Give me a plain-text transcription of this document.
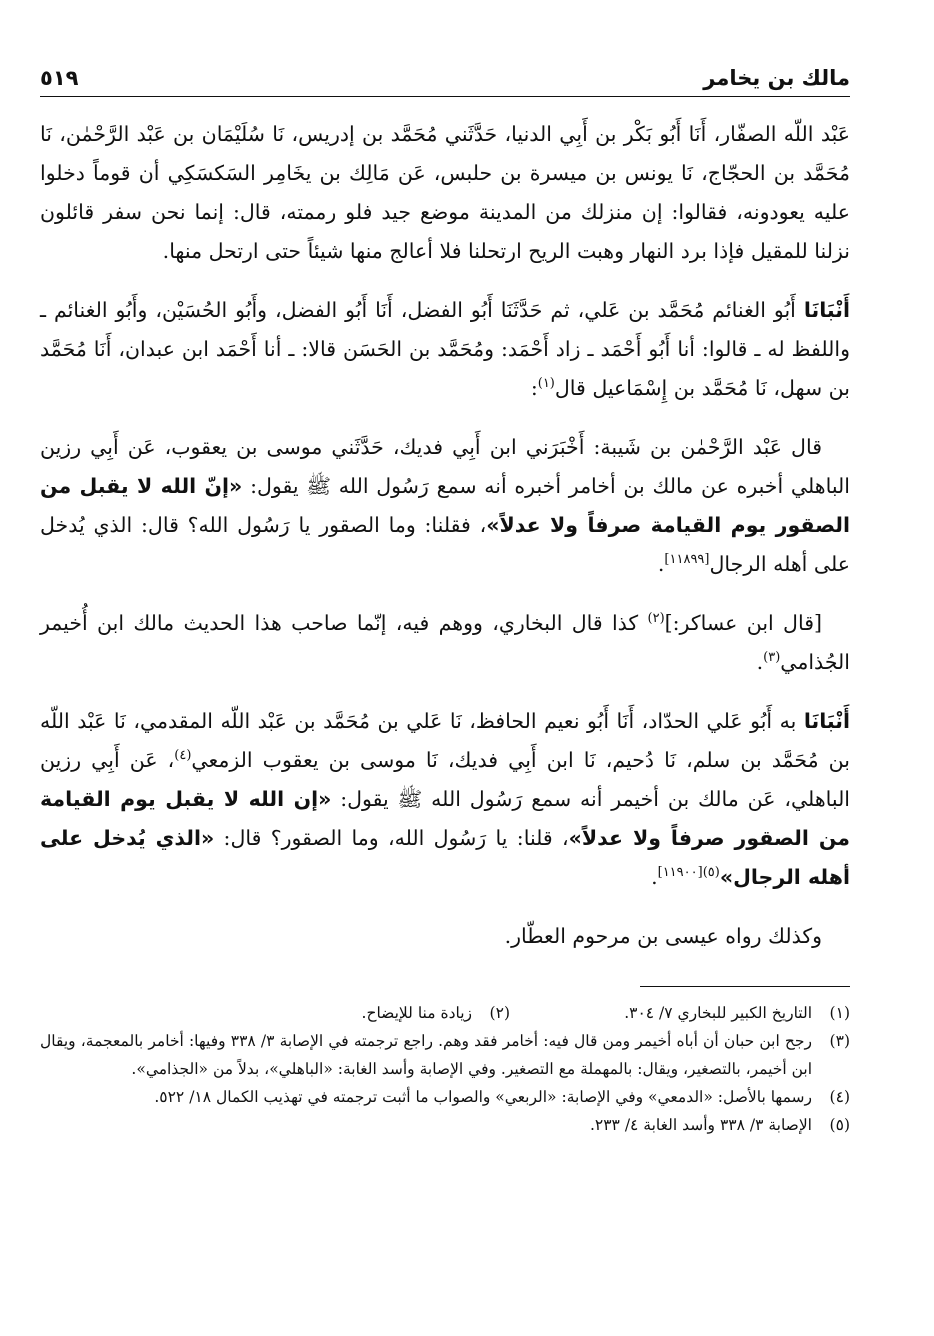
مالك بن يخامر
٥١٩

عَبْد اللّه الصفّار، أَنَا أَبُو بَكْر بن أَبِي الدنيا، حَدَّثَني مُحَمَّد بن إدريس، نَا سُلَيْمَان بن عَبْد الرَّحْمٰن، نَا مُحَمَّد بن الحجّاج، نَا يونس بن ميسرة بن حلبس، عَن مَالِك بن يخَامِر السَكسَكِي أن قوماً دخلوا عليه يعودونه، فقالوا: إن منزلك من المدينة موضع جيد فلو رممته، قال: إنما نحن سفر قائلون نزلنا للمقيل فإذا برد النهار وهبت الريح ارتحلنا فلا أعالج منها شيئاً حتى ارتحل منها.

أَنْبَانَا أَبُو الغنائم مُحَمَّد بن عَلي، ثم حَدَّثَنَا أَبُو الفضل، أَنَا أَبُو الفضل، وأَبُو الحُسَيْن، وأَبُو الغنائم ـ واللفظ له ـ قالوا: أنا أَبُو أَحْمَد ـ زاد أَحْمَد: ومُحَمَّد بن الحَسَن قالا: ـ أنا أَحْمَد ابن عبدان، أَنَا مُحَمَّد بن سهل، نَا مُحَمَّد بن إِسْمَاعيل قال$^{(١)}$:

قال عَبْد الرَّحْمٰن بن شَيبة: أَخْبَرَني ابن أَبِي فديك، حَدَّثَني موسى بن يعقوب، عَن أَبِي رزين الباهلي أخبره عن مالك بن أخامر أخبره أنه سمع رَسُول الله ﷺ يقول: «إنّ الله لا يقبل من الصقور يوم القيامة صرفاً ولا عدلاً»، فقلنا: وما الصقور يا رَسُول الله؟ قال: الذي يُدخل على أهله الرجال[١١٨٩٩].

[قال ابن عساكر:]$^{(٢)}$ كذا قال البخاري، ووهم فيه، إنّما صاحب هذا الحديث مالك ابن أُخيمر الجُذامي$^{(٣)}$.

أَنْبَانَا به أَبُو عَلي الحدّاد، أَنَا أَبُو نعيم الحافظ، نَا عَلي بن مُحَمَّد بن عَبْد اللّه المقدمي، نَا عَبْد اللّه بن مُحَمَّد بن سلم، نَا دُحيم، نَا ابن أَبِي فديك، نَا موسى بن يعقوب الزمعي$^{(٤)}$، عَن أَبِي رزين الباهلي، عَن مالك بن أخيمر أنه سمع رَسُول الله ﷺ يقول: «إن الله لا يقبل يوم القيامة من الصقور صرفاً ولا عدلاً»، قلنا: يا رَسُول الله، وما الصقور؟ قال: «الذي يُدخل على أهله الرجال»$^{(٥)[١١٩٠٠]}$.

وكذلك رواه عيسى بن مرحوم العطّار.

(١)
التاريخ الكبير للبخاري ٧/ ٣٠٤.
(٢)
زيادة منا للإيضاح.
(٣)
رجح ابن حبان أن أباه أخيمر ومن قال فيه: أخامر فقد وهم. راجع ترجمته في الإصابة ٣/ ٣٣٨ وفيها: أخامر بالمعجمة، ويقال ابن أخيمر، بالتصغير، ويقال: بالمهملة مع التصغير. وفي الإصابة وأسد الغابة: «الباهلي»، بدلاً من «الجذامي».
(٤)
رسمها بالأصل: «الدمعي» وفي الإصابة: «الربعي» والصواب ما أثبت ترجمته في تهذيب الكمال ١٨/ ٥٢٢.
(٥)
الإصابة ٣/ ٣٣٨ وأسد الغابة ٤/ ٢٣٣.
